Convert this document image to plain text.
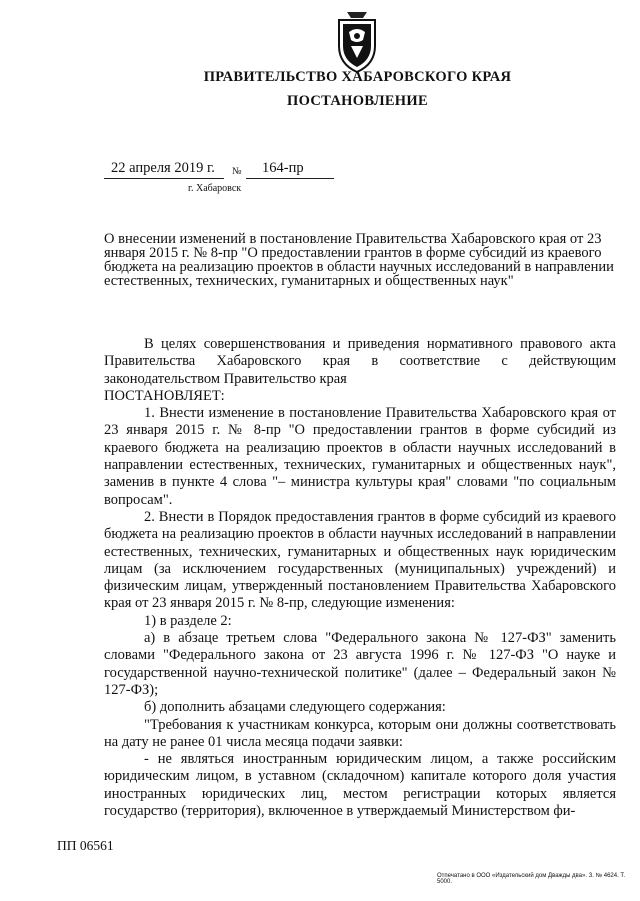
ПРАВИТЕЛЬСТВО ХАБАРОВСКОГО КРАЯ
ПОСТАНОВЛЕНИЕ
22 апреля 2019 г. № 164-пр
г. Хабаровск
О внесении изменений в постановление Правительства Хабаровского края от 23 января 2015 г. № 8-пр "О предоставлении грантов в форме субсидий из краевого бюджета на реализацию проектов в области научных исследований в направлении естественных, технических, гуманитарных и общественных наук"

В целях совершенствования и приведения нормативного правового акта Правительства Хабаровского края в соответствие с действующим законодательством Правительство края

ПОСТАНОВЛЯЕТ:

1. Внести изменение в постановление Правительства Хабаровского края от 23 января 2015 г. № 8-пр "О предоставлении грантов в форме субсидий из краевого бюджета на реализацию проектов в области научных исследований в направлении естественных, технических, гуманитарных и общественных наук", заменив в пункте 4 слова "– министра культуры края" словами "по социальным вопросам".

2. Внести в Порядок предоставления грантов в форме субсидий из краевого бюджета на реализацию проектов в области научных исследований в направлении естественных, технических, гуманитарных и общественных наук юридическим лицам (за исключением государственных (муниципальных) учреждений) и физическим лицам, утвержденный постановлением Правительства Хабаровского края от 23 января 2015 г. № 8-пр, следующие изменения:

1) в разделе 2:

а) в абзаце третьем слова "Федерального закона № 127-ФЗ" заменить словами "Федерального закона от 23 августа 1996 г. № 127-ФЗ "О науке и государственной научно-технической политике" (далее – Федеральный закон № 127-ФЗ);

б) дополнить абзацами следующего содержания:

"Требования к участникам конкурса, которым они должны соответствовать на дату не ранее 01 числа месяца подачи заявки:

- не являться иностранным юридическим лицом, а также российским юридическим лицом, в уставном (складочном) капитале которого доля участия иностранных юридических лиц, местом регистрации которых является государство (территория), включенное в утверждаемый Министерством фи-

ПП 06561
Отпечатано в ООО «Издательский дом Дважды два». З. № 4624. Т. 5000.
